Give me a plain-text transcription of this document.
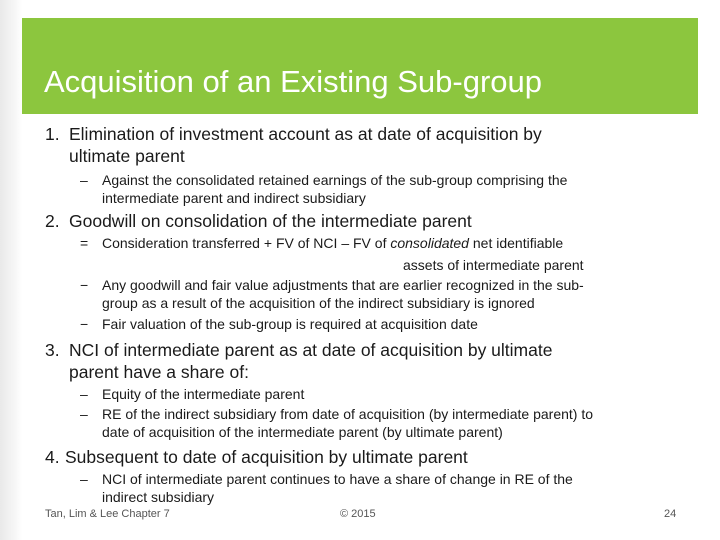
Acquisition of an Existing Sub-group
1. Elimination of investment account as at date of acquisition by
ultimate parent
– Against the consolidated retained earnings of the sub-group comprising the
intermediate parent and indirect subsidiary
2. Goodwill on consolidation of the intermediate parent
= Consideration transferred + FV of NCI – FV of consolidated net identifiable
assets of intermediate parent
− Any goodwill and fair value adjustments that are earlier recognized in the sub-
group as a result of the acquisition of the indirect subsidiary is ignored
− Fair valuation of the sub-group is required at acquisition date
3. NCI of intermediate parent as at date of acquisition by ultimate
parent have a share of:
– Equity of the intermediate parent
– RE of the indirect subsidiary from date of acquisition (by intermediate parent) to
date of acquisition of the intermediate parent (by ultimate parent)
4. Subsequent to date of acquisition by ultimate parent
– NCI of intermediate parent continues to have a share of change in RE of the
indirect subsidiary
Tan, Lim & Lee Chapter 7	© 2015	24
